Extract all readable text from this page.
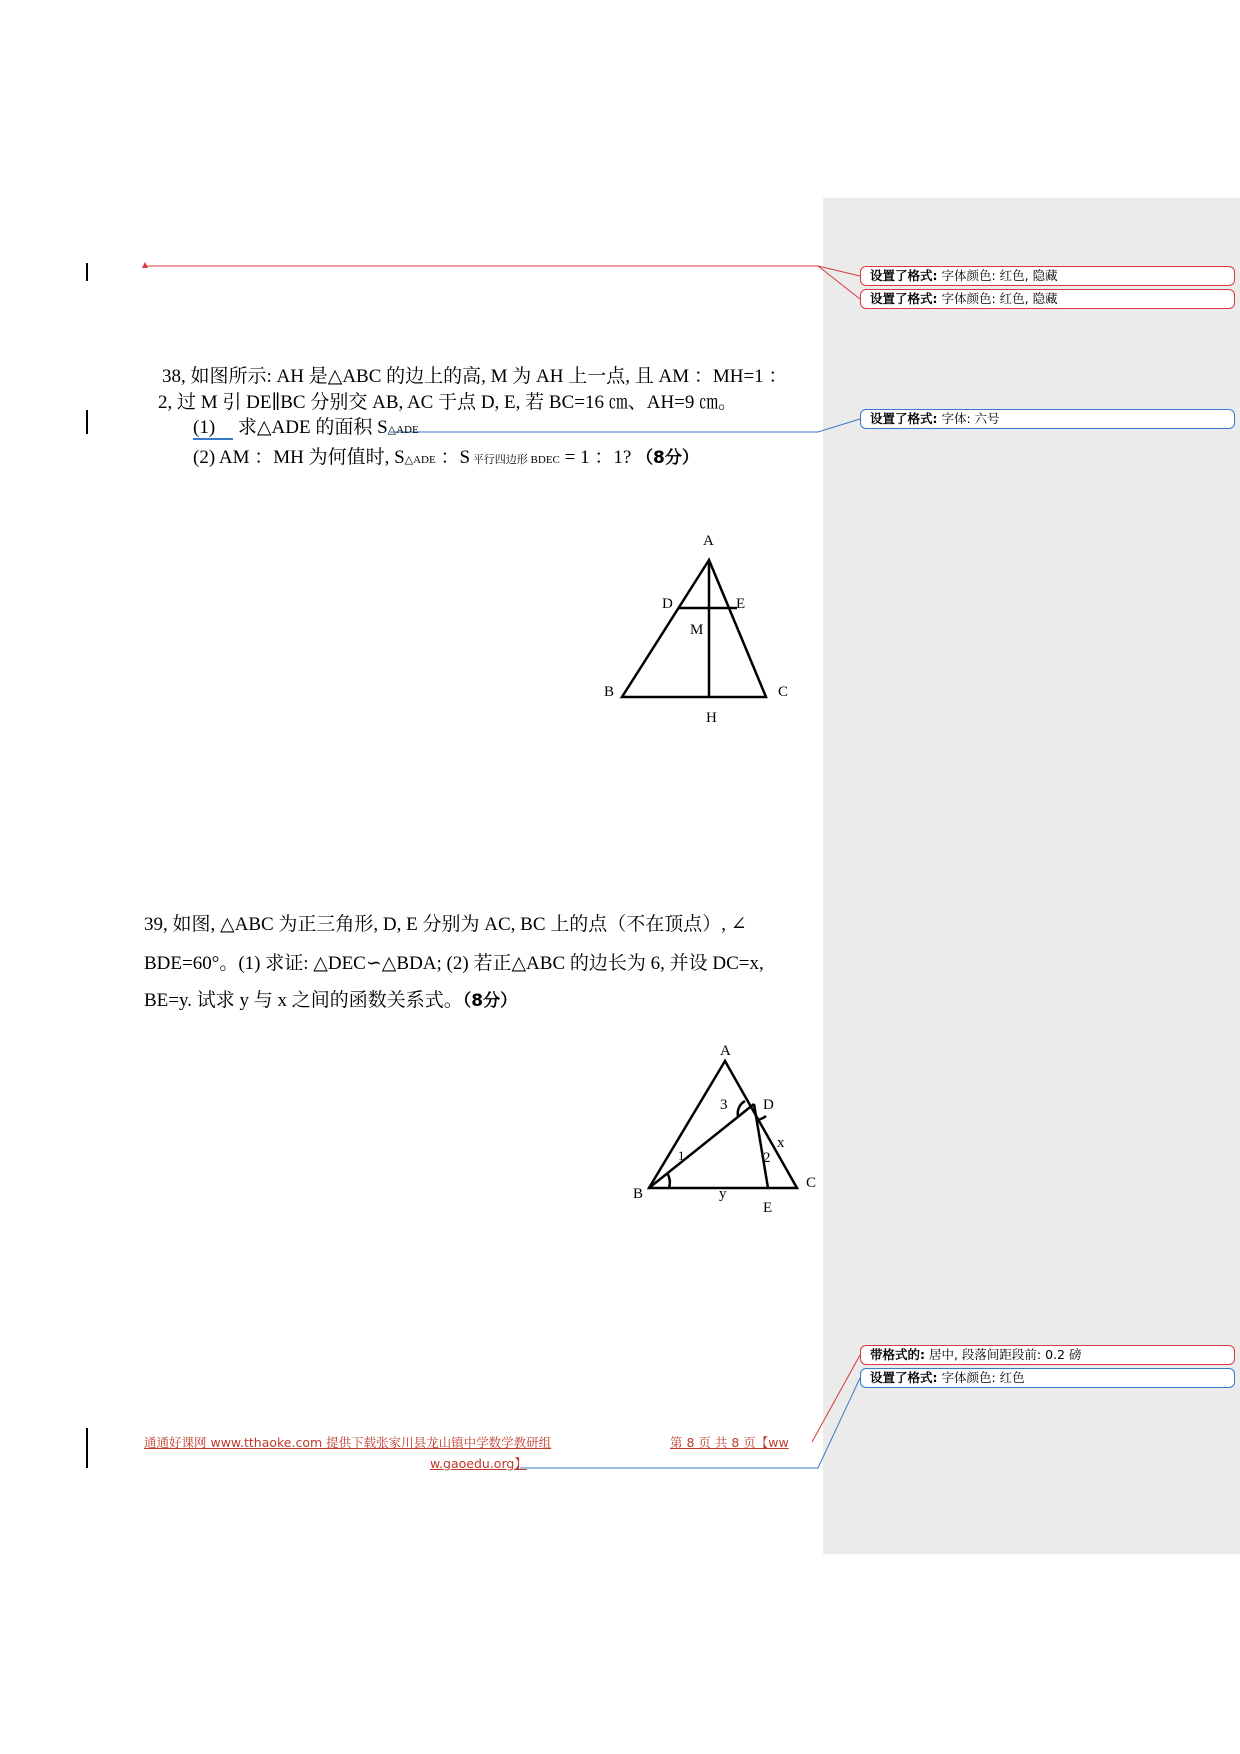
设置了格式: 字体颜色: 红色, 隐藏
设置了格式: 字体颜色: 红色, 隐藏
设置了格式: 字体: 六号
带格式的: 居中, 段落间距段前: 0.2 磅
设置了格式: 字体颜色: 红色
38, 如图所示: AH 是△ABC 的边上的高, M 为 AH 上一点, 且 AM ：MH=1 ：
2, 过 M 引 DE∥BC 分别交 AB, AC 于点 D, E, 若 BC=16 ㎝、AH=9 ㎝。
(1) 求△ADE 的面积 S△ADE
(2) AM ：MH 为何值时, S△ADE ：S 平行四边形 BDEC = 1 ：1? （8分）
A
D	E
M
B	C
H
39, 如图, △ABC 为正三角形, D, E 分别为 AC, BC 上的点（不在顶点）, ∠
BDE=60°。(1) 求证: △DEC∽△BDA; (2) 若正△ABC 的边长为 6, 并设 DC=x,
BE=y. 试求 y 与 x 之间的函数关系式。（8分）
A
D
3
x
1	2
C
B	y
E
通通好课网 www.tthaoke.com 提供下载张家川县龙山镇中学数学教研组	第 8 页 共 8 页【ww
w.gaoedu.org】
